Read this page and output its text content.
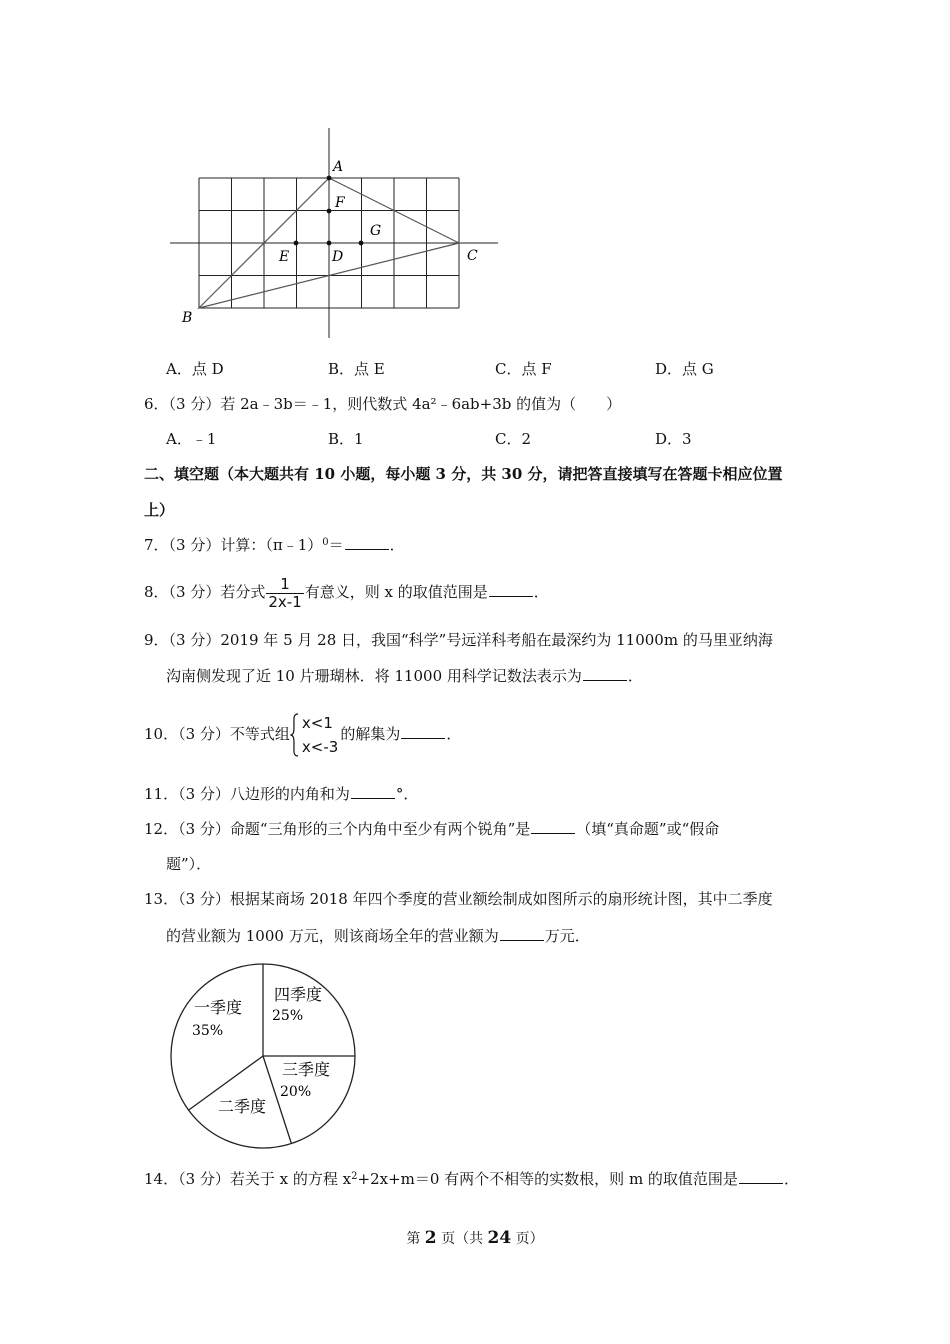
A
F
G
E	D	C
B
A．点 D	B．点 E	C．点 F	D．点 G
6．（3 分）若 2a﹣3b＝﹣1，则代数式 4a²﹣6ab+3b 的值为（　　）
A．﹣1	B．1	C．2	D．3
二、填空题（本大题共有 10 小题，每小题 3 分，共 30 分，请把答直接填写在答题卡相应位置
上）
7．（3 分）计算：（π﹣1）$^0$＝	．
8．（3 分）若分式 $\frac{1}{2x-1}$ 有意义，则 x 的取值范围是	．
9．（3 分）2019 年 5 月 28 日，我国“科学”号远洋科考船在最深约为 11000m 的马里亚纳海
沟南侧发现了近 10 片珊瑚林．将 11000 用科学记数法表示为	．
10．（3 分）不等式组
x<1
x<-3
的解集为	．
11．（3 分）八边形的内角和为	°．
12．（3 分）命题“三角形的三个内角中至少有两个锐角”是	（填“真命题”或“假命
题”）．
13．（3 分）根据某商场 2018 年四个季度的营业额绘制成如图所示的扇形统计图，其中二季度
的营业额为 1000 万元，则该商场全年的营业额为	万元．
四季度
25%
一季度
35%
三季度
20%
二季度
14．（3 分）若关于 x 的方程 $x^2+2x+m=0$ 有两个不相等的实数根，则 m 的取值范围是	．
第 2 页（共 24 页）
